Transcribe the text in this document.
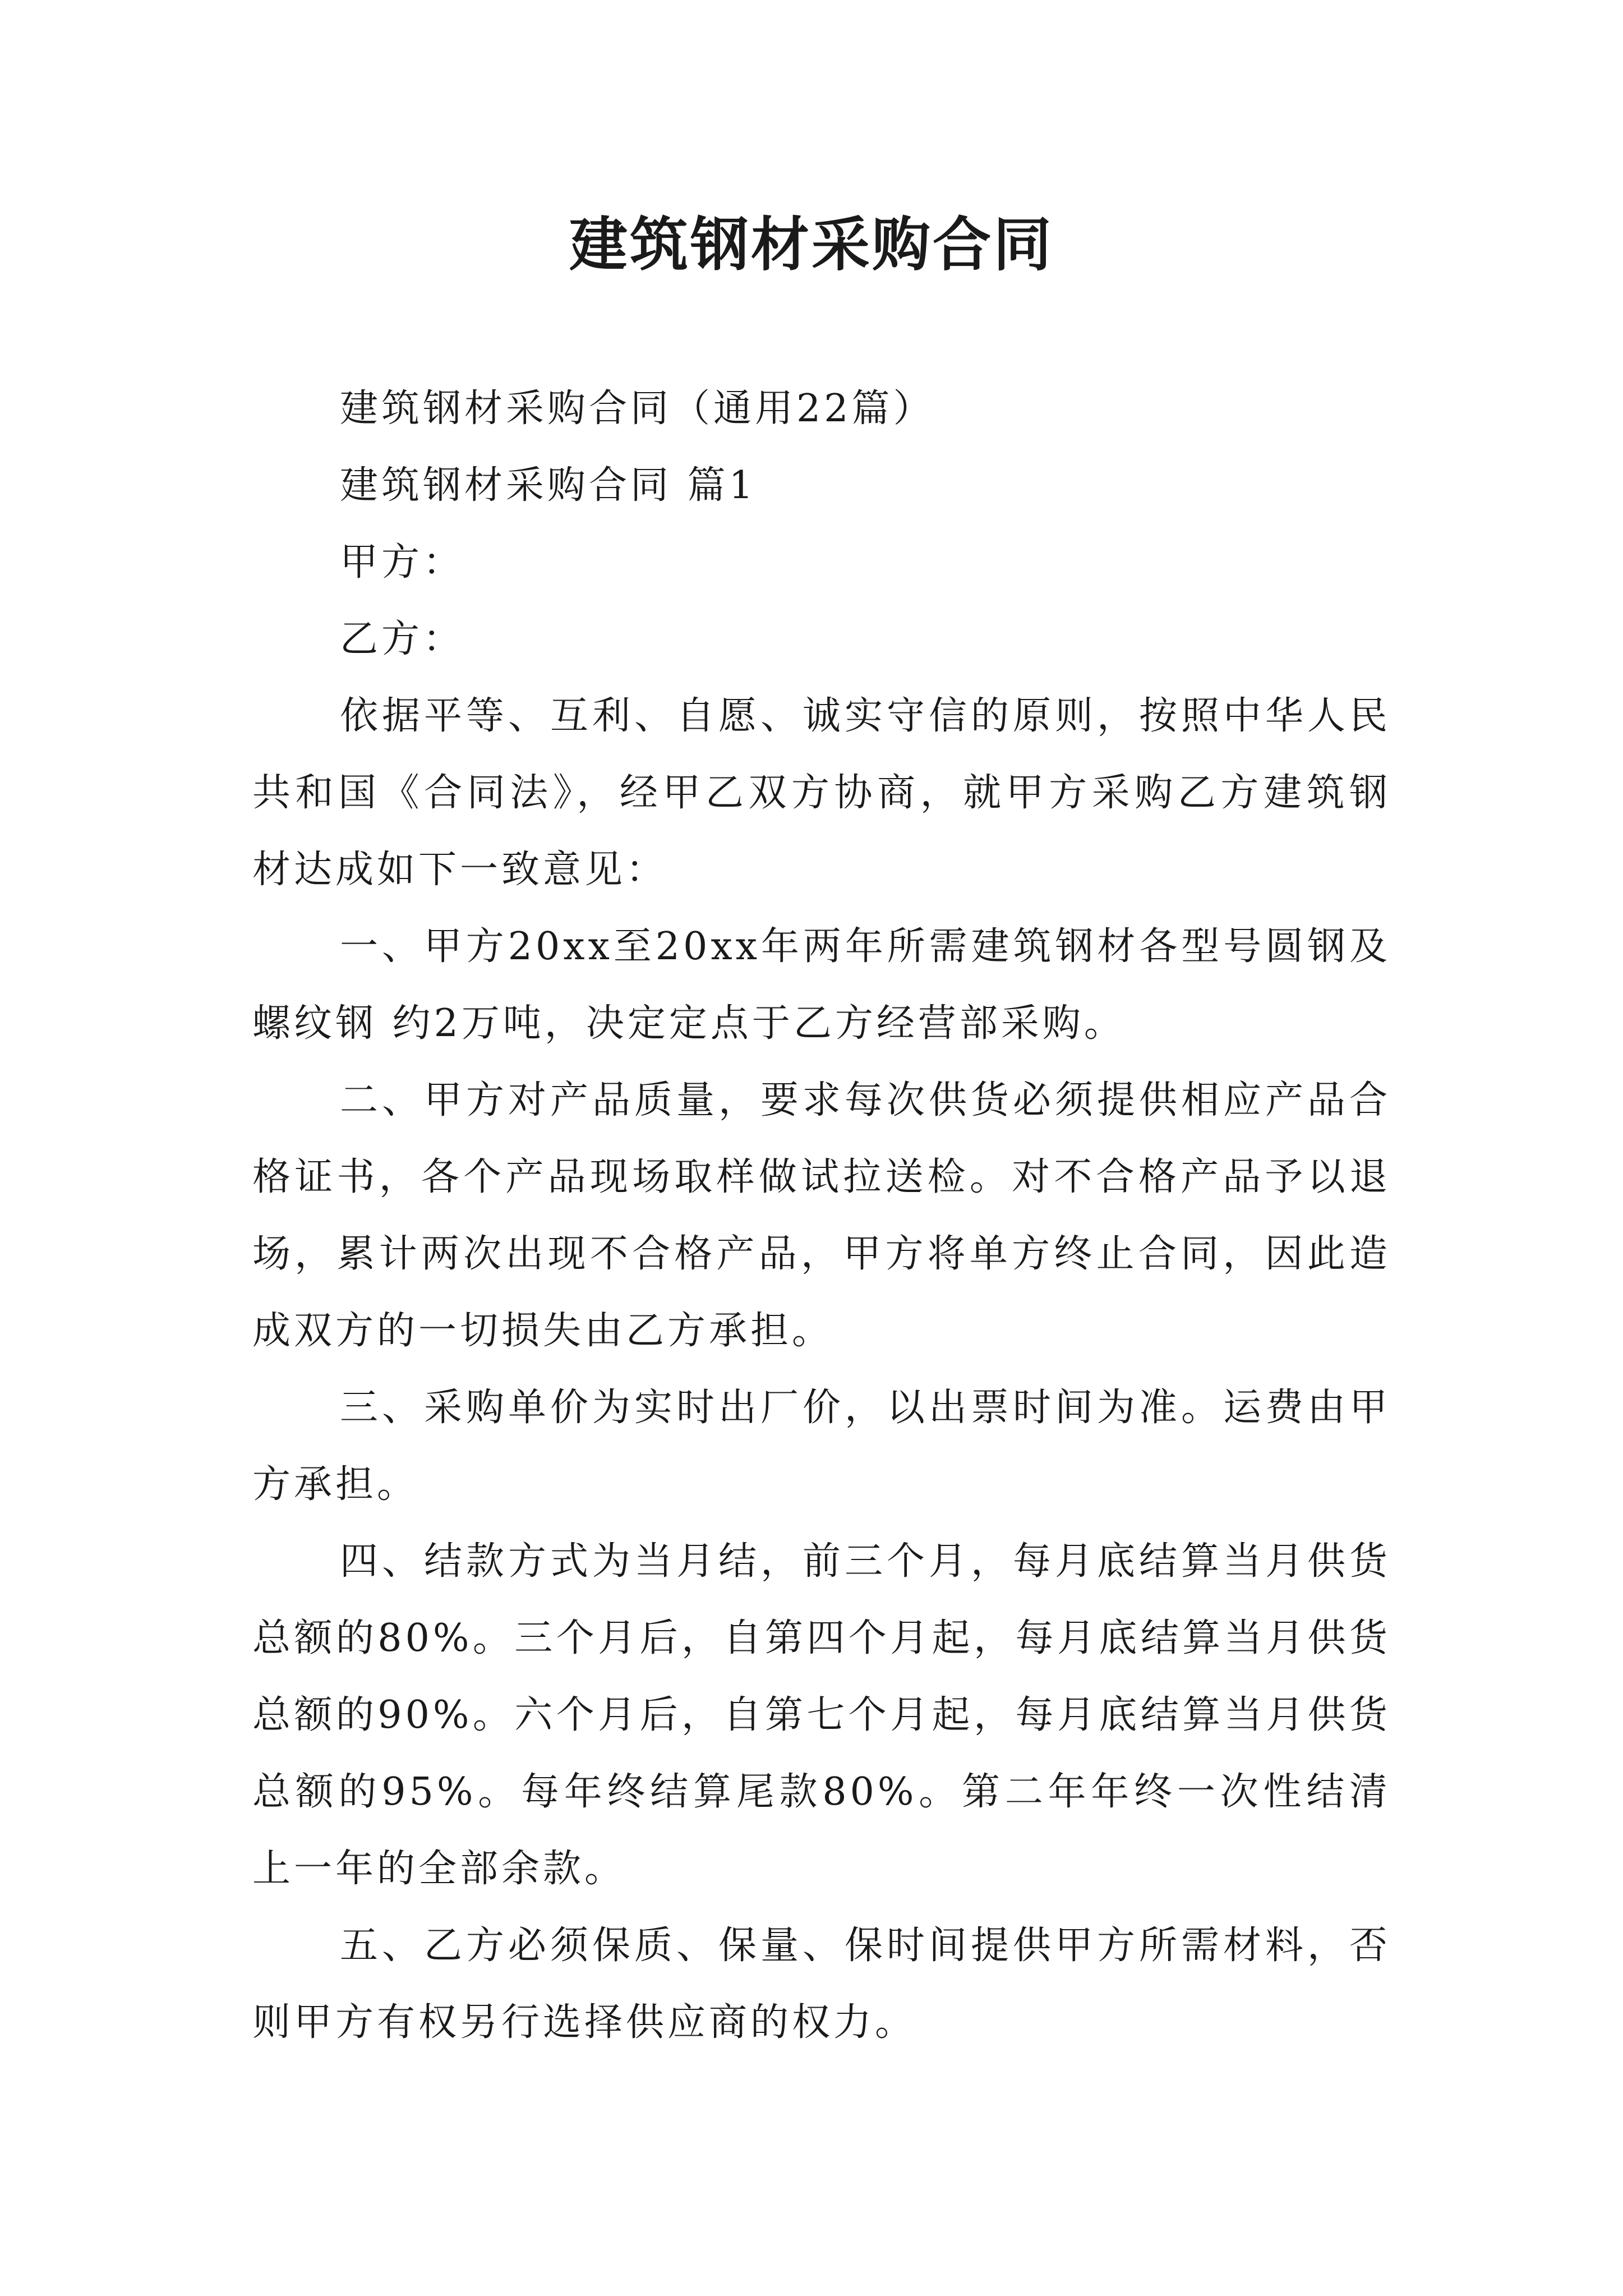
建筑钢材采购合同

建筑钢材采购合同（通用22篇）

建筑钢材采购合同 篇1

甲方：

乙方：

依据平等、互利、自愿、诚实守信的原则，按照中华人民共和国《合同法》，经甲乙双方协商，就甲方采购乙方建筑钢材达成如下一致意见：

一、甲方20xx至20xx年两年所需建筑钢材各型号圆钢及螺纹钢 约2万吨，决定定点于乙方经营部采购。

二、甲方对产品质量，要求每次供货必须提供相应产品合格证书，各个产品现场取样做试拉送检。对不合格产品予以退场，累计两次出现不合格产品，甲方将单方终止合同，因此造成双方的一切损失由乙方承担。

三、采购单价为实时出厂价，以出票时间为准。运费由甲方承担。

四、结款方式为当月结，前三个月，每月底结算当月供货总额的80%。三个月后，自第四个月起，每月底结算当月供货总额的90%。六个月后，自第七个月起，每月底结算当月供货总额的95%。每年终结算尾款80%。第二年年终一次性结清上一年的全部余款。

五、乙方必须保质、保量、保时间提供甲方所需材料，否则甲方有权另行选择供应商的权力。
